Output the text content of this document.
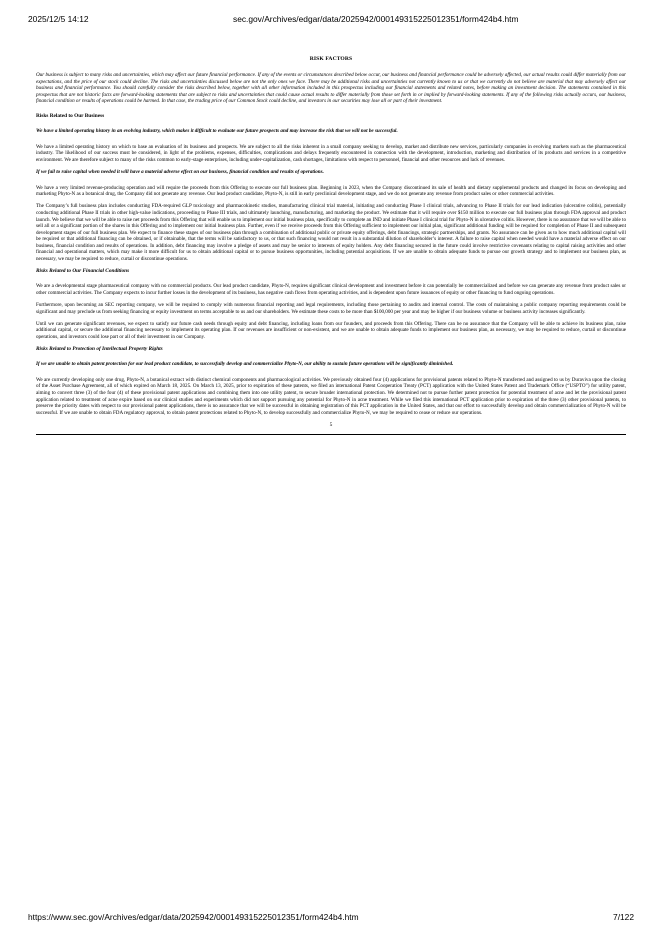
2025/12/5 14:12	sec.gov/Archives/edgar/data/2025942/000149315225012351/form424b4.htm
RISK FACTORS

Our business is subject to many risks and uncertainties, which may affect our future financial performance. If any of the events or circumstances described below occur, our business and financial performance could be adversely affected, our actual results could differ materially from our expectations, and the price of our stock could decline. The risks and uncertainties discussed below are not the only ones we face. There may be additional risks and uncertainties not currently known to us or that we currently do not believe are material that may adversely affect our business and financial performance. You should carefully consider the risks described below, together with all other information included in this prospectus including our financial statements and related notes, before making an investment decision. The statements contained in this prospectus that are not historic facts are forward-looking statements that are subject to risks and uncertainties that could cause actual results to differ materially from those set forth in or implied by forward-looking statements. If any of the following risks actually occurs, our business, financial condition or results of operations could be harmed. In that case, the trading price of our Common Stock could decline, and investors in our securities may lose all or part of their investment.

Risks Related to Our Business
We have a limited operating history in an evolving industry, which makes it difficult to evaluate our future prospects and may increase the risk that we will not be successful.

We have a limited operating history on which to base an evaluation of its business and prospects. We are subject to all the risks inherent in a small company seeking to develop, market and distribute new services, particularly companies in evolving markets such as the pharmaceutical industry. The likelihood of our success must be considered, in light of the problems, expenses, difficulties, complications and delays frequently encountered in connection with the development, introduction, marketing and distribution of its products and services in a competitive environment. We are therefore subject to many of the risks common to early-stage enterprises, including under-capitalization, cash shortages, limitations with respect to personnel, financial and other resources and lack of revenues.

If we fail to raise capital when needed it will have a material adverse effect on our business, financial condition and results of operations.

We have a very limited revenue-producing operation and will require the proceeds from this Offering to execute our full business plan. Beginning in 2023, when the Company discontinued its sale of health and dietary supplemental products and changed its focus on developing and marketing Phyto-N as a botanical drug, the Company did not generate any revenue. Our lead product candidate, Phyto-N, is still in early preclinical development stage, and we do not generate any revenue from product sales or other commercial activities.

The Company’s full business plan includes conducting FDA-required GLP toxicology and pharmacokinetic studies, manufacturing clinical trial material, initiating and conducting Phase I clinical trials, advancing to Phase II trials for our lead indication (ulcerative colitis), potentially conducting additional Phase II trials in other high-value indications, proceeding to Phase III trials, and ultimately launching, manufacturing, and marketing the product. We estimate that it will require over $150 million to execute our full business plan through FDA approval and product launch. We believe that we will be able to raise net proceeds from this Offering that will enable us to implement our initial business plan, specifically to complete an IND and initiate Phase I clinical trial for Phyto-N in ulcerative colitis. However, there is no assurance that we will be able to sell all or a significant portion of the shares in this Offering and to implement our initial business plan. Further, even if we receive proceeds from this Offering sufficient to implement our initial plan, significant additional funding will be required for completion of Phase II and subsequent development stages of our full business plan. We expect to finance these stages of our business plan through a combination of additional public or private equity offerings, debt financings, strategic partnerships, and grants. No assurance can be given as to how much additional capital will be required or that additional financing can be obtained, or if obtainable, that the terms will be satisfactory to us, or that such financing would not result in a substantial dilution of shareholder’s interest. A failure to raise capital when needed would have a material adverse effect on our business, financial condition and results of operations. In addition, debt financing may involve a pledge of assets and may be senior to interests of equity holders. Any debt financing secured in the future could involve restrictive covenants relating to capital raising activities and other financial and operational matters, which may make it more difficult for us to obtain additional capital or to pursue business opportunities, including potential acquisitions. If we are unable to obtain adequate funds to pursue our growth strategy and to implement our business plan, as necessary, we may be required to reduce, curtail or discontinue operations.

Risks Related to Our Financial Conditions

We are a developmental stage pharmaceutical company with no commercial products. Our lead product candidate, Phyto-N, requires significant clinical development and investment before it can potentially be commercialized and before we can generate any revenue from product sales or other commercial activities. The Company expects to incur further losses in the development of its business, has negative cash flows from operating activities, and is dependent upon future issuances of equity or other financing to fund ongoing operations.

Furthermore, upon becoming an SEC reporting company, we will be required to comply with numerous financial reporting and legal requirements, including those pertaining to audits and internal control. The costs of maintaining a public company reporting requirements could be significant and may preclude us from seeking financing or equity investment on terms acceptable to us and our shareholders. We estimate these costs to be more than $100,000 per year and may be higher if our business volume or business activity increases significantly.

Until we can generate significant revenues, we expect to satisfy our future cash needs through equity and debt financing, including loans from our founders, and proceeds from this Offering. There can be no assurance that the Company will be able to achieve its business plan, raise additional capital, or secure the additional financing necessary to implement its operating plan. If our revenues are insufficient or non-existent, and we are unable to obtain adequate funds to implement our business plan, as necessary, we may be required to reduce, curtail or discontinue operations, and investors could lose part or all of their investment in our Company.

Risks Related to Protection of Intellectual Property Rights
If we are unable to obtain patent protection for our lead product candidate, to successfully develop and commercialize Phyto-N, our ability to sustain future operations will be significantly diminished.

We are currently developing only one drug, Phyto-N, a botanical extract with distinct chemical components and pharmacological activities. We previously obtained four (4) applications for provisional patents related to Phyto-N transferred and assigned to us by Duraviva upon the closing of the Asset Purchase Agreement, all of which expired on March 18, 2025. On March 13, 2025, prior to expiration of these patents, we filed an international Patent Cooperation Treaty (PCT) application with the United States Patent and Trademark Office (“USPTO”) for utility patent, aiming to convert three (3) of the four (4) of these provisional patent applications and combining them into one utility patent, to secure broader international protection. We determined not to pursue further patent protection for potential treatment of acne and let the provisional patent application related to treatment of acne expire based on our clinical studies and experiments which did not support pursuing any potential for Phyto-N in acne treatment. While we filed this international PCT application prior to expiration of the three (3) other provisional patents, to preserve the priority dates with respect to our provisional patent applications, there is no assurance that we will be successful in obtaining registration of this PCT application in the United States, and that our effort to successfully develop and obtain commercialization of Phyto-N will be successful. If we are unable to obtain FDA regulatory approval, to obtain patent protections related to Phyto-N, to develop successfully and commercialize Phyto-N, we may be required to cease or reduce our operations.

5
https://www.sec.gov/Archives/edgar/data/2025942/000149315225012351/form424b4.htm	7/122
